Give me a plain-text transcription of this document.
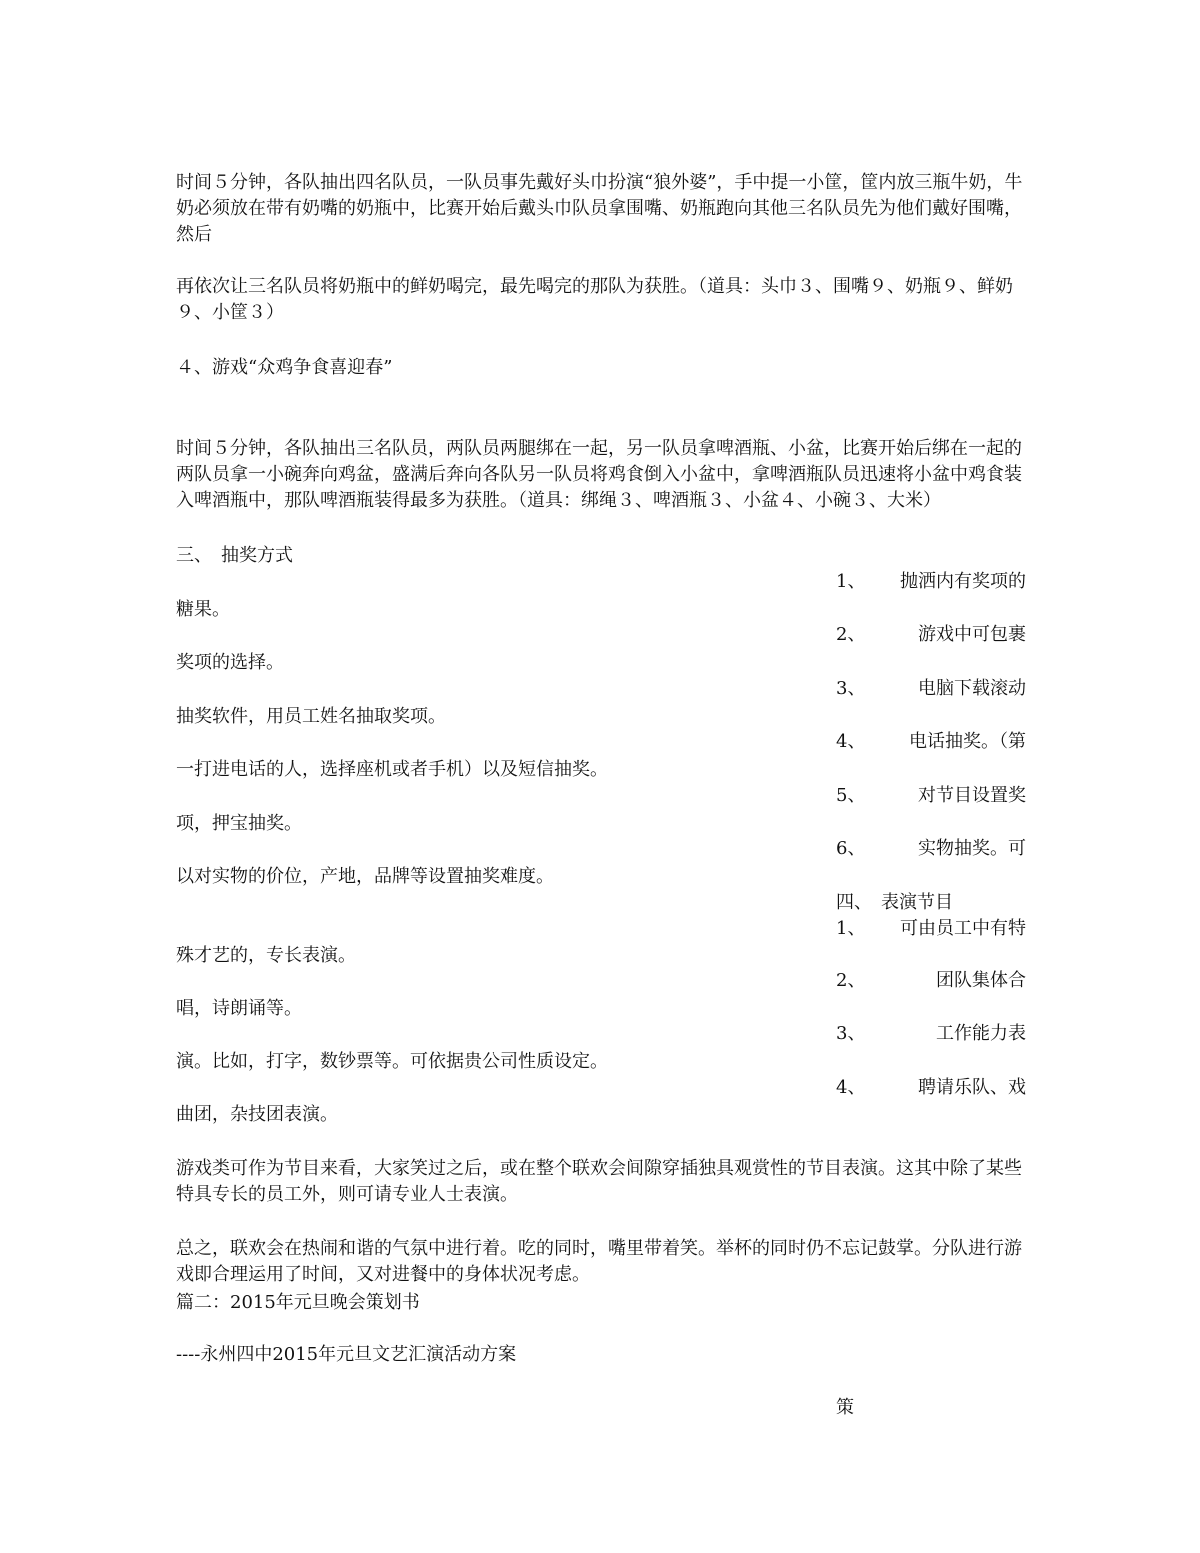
时间５分钟，各队抽出四名队员，一队员事先戴好头巾扮演“狼外婆”，手中提一小筐，筐内放三瓶牛奶，牛奶必须放在带有奶嘴的奶瓶中，比赛开始后戴头巾队员拿围嘴、奶瓶跑向其他三名队员先为他们戴好围嘴，然后
再依次让三名队员将奶瓶中的鲜奶喝完，最先喝完的那队为获胜。（道具：头巾３、围嘴９、奶瓶９、鲜奶９、小筐３）
４、游戏“众鸡争食喜迎春”
时间５分钟，各队抽出三名队员，两队员两腿绑在一起，另一队员拿啤酒瓶、小盆，比赛开始后绑在一起的两队员拿一小碗奔向鸡盆，盛满后奔向各队另一队员将鸡食倒入小盆中，拿啤酒瓶队员迅速将小盆中鸡食装入啤酒瓶中，那队啤酒瓶装得最多为获胜。（道具：绑绳３、啤酒瓶３、小盆４、小碗３、大米）
三、　抽奖方式
1、 抛洒内有奖项的
糖果。
2、	游戏中可包裹
奖项的选择。
3、	电脑下载滚动
抽奖软件，用员工姓名抽取奖项。
4、 电话抽奖。（第
一打进电话的人，选择座机或者手机）以及短信抽奖。
5、	对节目设置奖
项，押宝抽奖。
6、	实物抽奖。可
以对实物的价位，产地，品牌等设置抽奖难度。
四、　表演节目
1、 可由员工中有特
殊才艺的，专长表演。
2、	团队集体合
唱，诗朗诵等。
3、	工作能力表
演。比如，打字，数钞票等。可依据贵公司性质设定。
4、	聘请乐队、戏
曲团，杂技团表演。
游戏类可作为节目来看，大家笑过之后，或在整个联欢会间隙穿插独具观赏性的节目表演。这其中除了某些特具专长的员工外，则可请专业人士表演。
总之，联欢会在热闹和谐的气氛中进行着。吃的同时，嘴里带着笑。举杯的同时仍不忘记鼓掌。分队进行游戏即合理运用了时间，又对进餐中的身体状况考虑。
篇二：2015年元旦晚会策划书
----永州四中2015年元旦文艺汇演活动方案
策
